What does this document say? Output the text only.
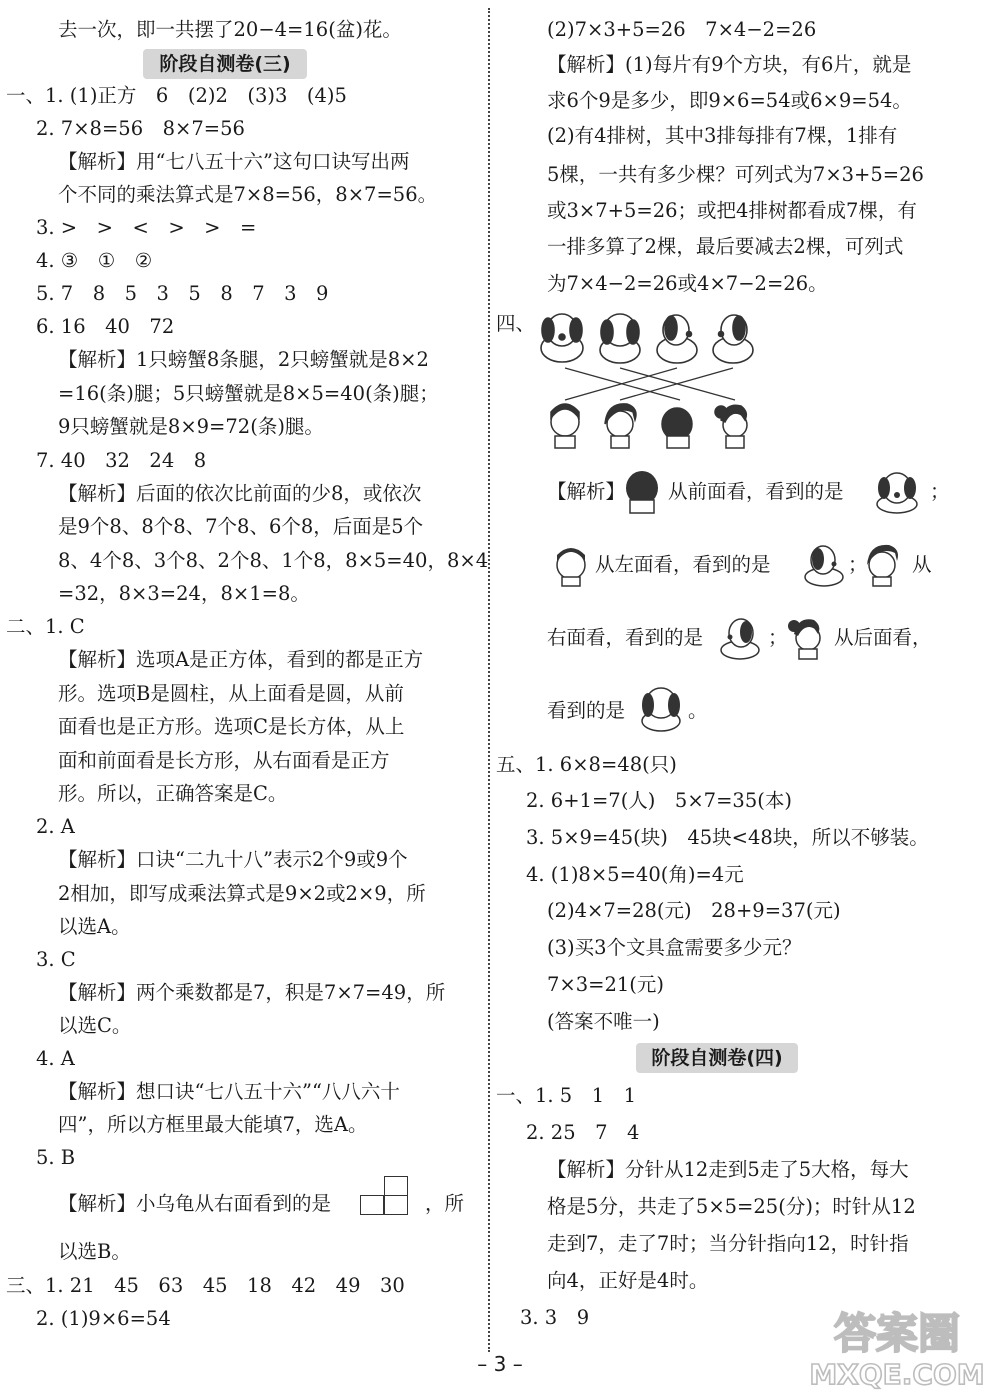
去一次，即一共摆了20−4=16(盆)花。
阶段自测卷(三)
一、1. (1)正方　6　(2)2　(3)3　(4)5
2. 7×8=56　8×7=56
【解析】用“七八五十六”这句口诀写出两
个不同的乘法算式是7×8=56，8×7=56。
3. >　>　<　>　>　=
4. ③　①　②
5. 7　8　5　3　5　8　7　3　9
6. 16　40　72
【解析】1只螃蟹8条腿，2只螃蟹就是8×2
=16(条)腿；5只螃蟹就是8×5=40(条)腿；
9只螃蟹就是8×9=72(条)腿。
7. 40　32　24　8
【解析】后面的依次比前面的少8，或依次
是9个8、8个8、7个8、6个8，后面是5个
8、4个8、3个8、2个8、1个8，8×5=40，8×4
=32，8×3=24，8×1=8。
二、1. C
【解析】选项A是正方体，看到的都是正方
形。选项B是圆柱，从上面看是圆，从前
面看也是正方形。选项C是长方体，从上
面和前面看是长方形，从右面看是正方
形。所以，正确答案是C。
2. A
【解析】口诀“二九十八”表示2个9或9个
2相加，即写成乘法算式是9×2或2×9，所
以选A。
3. C
【解析】两个乘数都是7，积是7×7=49，所
以选C。
4. A
【解析】想口诀“七八五十六”“八八六十
四”，所以方框里最大能填7，选A。
5. B
【解析】小乌龟从右面看到的是	，所
以选B。
三、1. 21　45　63　45　18　42　49　30
2. (1)9×6=54
(2)7×3+5=26　7×4−2=26
【解析】(1)每片有9个方块，有6片，就是
求6个9是多少，即9×6=54或6×9=54。
(2)有4排树，其中3排每排有7棵，1排有
5棵，一共有多少棵？可列式为7×3+5=26
或3×7+5=26；或把4排树都看成7棵，有
一排多算了2棵，最后要减去2棵，可列式
为7×4−2=26或4×7−2=26。
四、
【解析】 从前面看，看到的是	；
从左面看，看到的是	； 从
右面看，看到的是	； 从后面看，
看到的是	。
五、1. 6×8=48(只)
2. 6+1=7(人)　5×7=35(本)
3. 5×9=45(块)　45块<48块，所以不够装。
4. (1)8×5=40(角)=4元
(2)4×7=28(元)　28+9=37(元)
(3)买3个文具盒需要多少元？
7×3=21(元)
(答案不唯一)
阶段自测卷(四)
一、1. 5　1　1
2. 25　7　4
【解析】分针从12走到5走了5大格，每大
格是5分，共走了5×5=25(分)；时针从12
走到7，走了7时；当分针指向12，时针指
向4，正好是4时。
3. 3　9
– 3 –
答案圈
MXQE.COM
